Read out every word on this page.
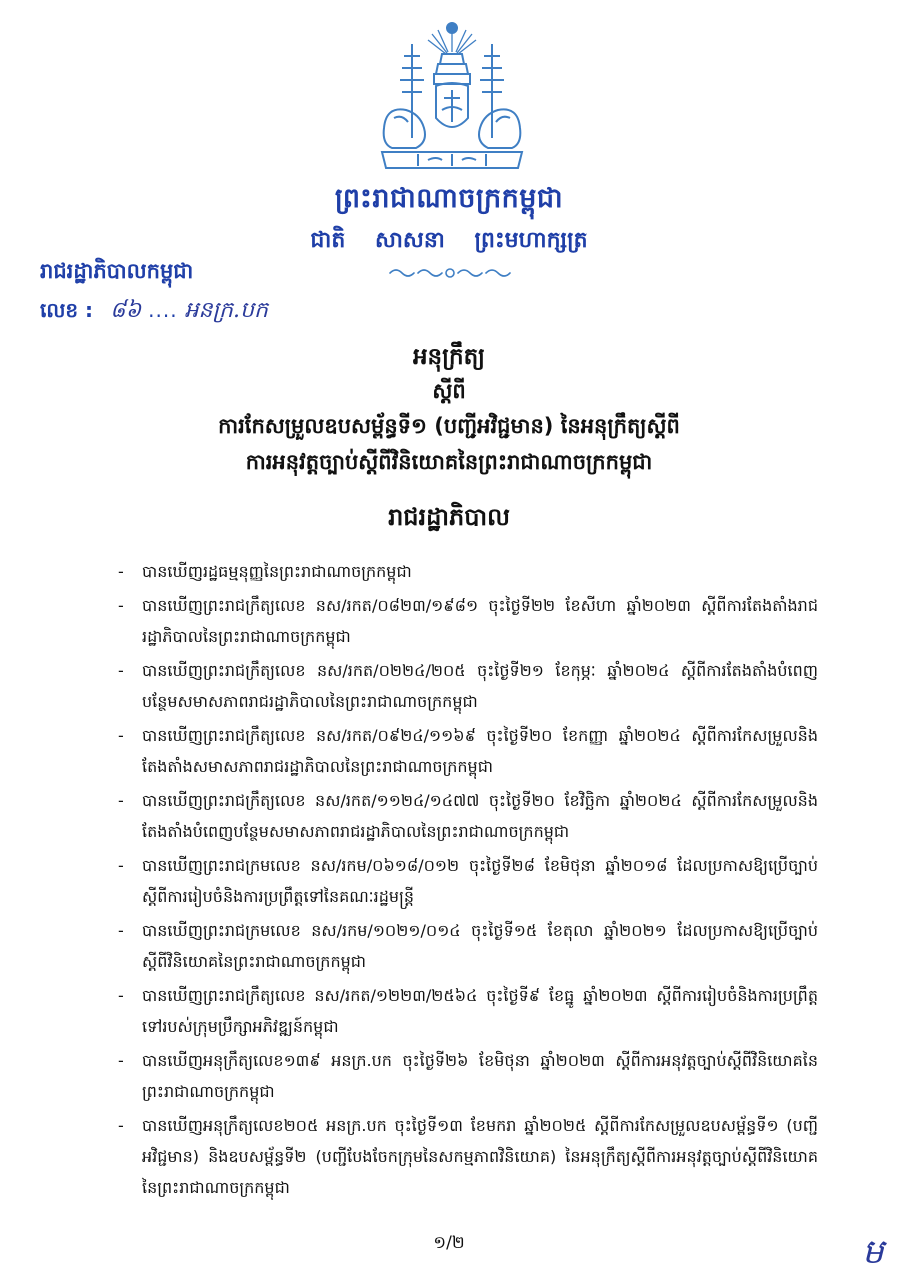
ព្រះរាជាណាចក្រកម្ពុជា
ជាតិ សាសនា ព្រះមហាក្សត្រ
រាជរដ្ឋាភិបាលកម្ពុជា
លេខ : ៨៦ .... អនក្រ.បក
អនុក្រឹត្យ
ស្តីពី
ការកែសម្រួលឧបសម្ព័ន្ធទី១ (បញ្ជីអវិជ្ជមាន) នៃអនុក្រឹត្យស្តីពី
ការអនុវត្តច្បាប់ស្តីពីវិនិយោគនៃព្រះរាជាណាចក្រកម្ពុជា
រាជរដ្ឋាភិបាល
- បានឃើញរដ្ឋធម្មនុញ្ញនៃព្រះរាជាណាចក្រកម្ពុជា
- បានឃើញព្រះរាជក្រឹត្យលេខ នស/រកត/០៨២៣/១៩៨១ ចុះថ្ងៃទី២២ ខែសីហា ឆ្នាំ២០២៣ ស្តីពីការតែងតាំងរាជរដ្ឋាភិបាលនៃព្រះរាជាណាចក្រកម្ពុជា
- បានឃើញព្រះរាជក្រឹត្យលេខ នស/រកត/០២២៤/២០៥ ចុះថ្ងៃទី២១ ខែកុម្ភៈ ឆ្នាំ២០២៤ ស្តីពីការតែងតាំងបំពេញបន្ថែមសមាសភាពរាជរដ្ឋាភិបាលនៃព្រះរាជាណាចក្រកម្ពុជា
- បានឃើញព្រះរាជក្រឹត្យលេខ នស/រកត/០៩២៤/១១៦៩ ចុះថ្ងៃទី២០ ខែកញ្ញា ឆ្នាំ២០២៤ ស្តីពីការកែសម្រួលនិងតែងតាំងសមាសភាពរាជរដ្ឋាភិបាលនៃព្រះរាជាណាចក្រកម្ពុជា
- បានឃើញព្រះរាជក្រឹត្យលេខ នស/រកត/១១២៤/១៤៧៧ ចុះថ្ងៃទី២០ ខែវិច្ឆិកា ឆ្នាំ២០២៤ ស្តីពីការកែសម្រួលនិងតែងតាំងបំពេញបន្ថែមសមាសភាពរាជរដ្ឋាភិបាលនៃព្រះរាជាណាចក្រកម្ពុជា
- បានឃើញព្រះរាជក្រមលេខ នស/រកម/០៦១៨/០១២ ចុះថ្ងៃទី២៨ ខែមិថុនា ឆ្នាំ២០១៨ ដែលប្រកាសឱ្យប្រើច្បាប់ស្តីពីការរៀបចំនិងការប្រព្រឹត្តទៅនៃគណៈរដ្ឋមន្ត្រី
- បានឃើញព្រះរាជក្រមលេខ នស/រកម/១០២១/០១៤ ចុះថ្ងៃទី១៥ ខែតុលា ឆ្នាំ២០២១ ដែលប្រកាសឱ្យប្រើច្បាប់ស្តីពីវិនិយោគនៃព្រះរាជាណាចក្រកម្ពុជា
- បានឃើញព្រះរាជក្រឹត្យលេខ នស/រកត/១២២៣/២៥៦៤ ចុះថ្ងៃទី៩ ខែធ្នូ ឆ្នាំ២០២៣ ស្តីពីការរៀបចំនិងការប្រព្រឹត្តទៅរបស់ក្រុមប្រឹក្សាអភិវឌ្ឍន៍កម្ពុជា
- បានឃើញអនុក្រឹត្យលេខ១៣៩ អនក្រ.បក ចុះថ្ងៃទី២៦ ខែមិថុនា ឆ្នាំ២០២៣ ស្តីពីការអនុវត្តច្បាប់ស្តីពីវិនិយោគនៃព្រះរាជាណាចក្រកម្ពុជា
- បានឃើញអនុក្រឹត្យលេខ២០៥ អនក្រ.បក ចុះថ្ងៃទី១៣ ខែមករា ឆ្នាំ២០២៥ ស្តីពីការកែសម្រួលឧបសម្ព័ន្ធទី១ (បញ្ជីអវិជ្ជមាន) និងឧបសម្ព័ន្ធទី២ (បញ្ជីបែងចែកក្រុមនៃសកម្មភាពវិនិយោគ) នៃអនុក្រឹត្យស្តីពីការអនុវត្តច្បាប់ស្តីពីវិនិយោគនៃព្រះរាជាណាចក្រកម្ពុជា
១/២	ម
